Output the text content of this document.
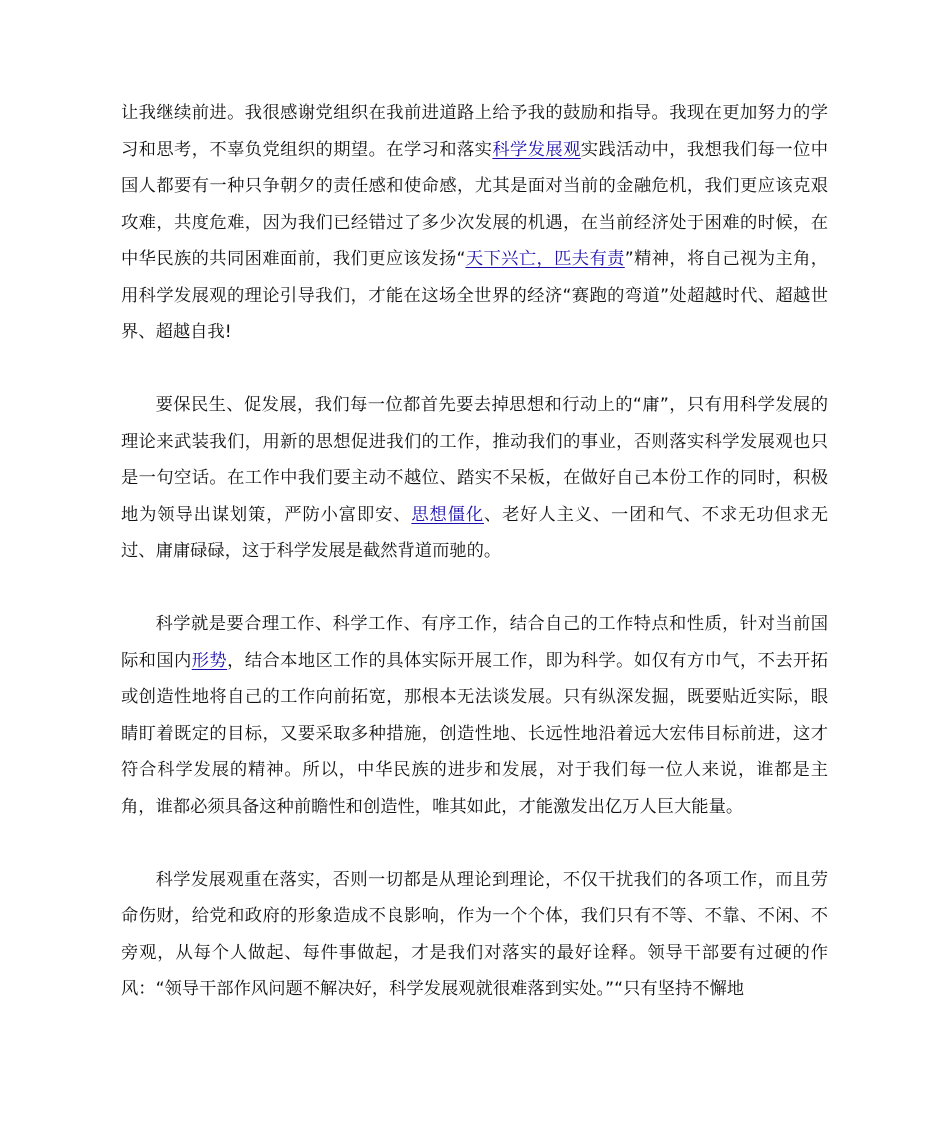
让我继续前进。我很感谢党组织在我前进道路上给予我的鼓励和指导。我现在更加努力的学习和思考，不辜负党组织的期望。在学习和落实科学发展观实践活动中，我想我们每一位中国人都要有一种只争朝夕的责任感和使命感，尤其是面对当前的金融危机，我们更应该克艰攻难，共度危难，因为我们已经错过了多少次发展的机遇，在当前经济处于困难的时候，在中华民族的共同困难面前，我们更应该发扬“天下兴亡，匹夫有责”精神，将自己视为主角，用科学发展观的理论引导我们，才能在这场全世界的经济“赛跑的弯道”处超越时代、超越世界、超越自我!

要保民生、促发展，我们每一位都首先要去掉思想和行动上的“庸”，只有用科学发展的理论来武装我们，用新的思想促进我们的工作，推动我们的事业，否则落实科学发展观也只是一句空话。在工作中我们要主动不越位、踏实不呆板，在做好自己本份工作的同时，积极地为领导出谋划策，严防小富即安、思想僵化、老好人主义、一团和气、不求无功但求无过、庸庸碌碌，这于科学发展是截然背道而驰的。

科学就是要合理工作、科学工作、有序工作，结合自己的工作特点和性质，针对当前国际和国内形势，结合本地区工作的具体实际开展工作，即为科学。如仅有方巾气，不去开拓或创造性地将自己的工作向前拓宽，那根本无法谈发展。只有纵深发掘，既要贴近实际，眼睛盯着既定的目标，又要采取多种措施，创造性地、长远性地沿着远大宏伟目标前进，这才符合科学发展的精神。所以，中华民族的进步和发展，对于我们每一位人来说，谁都是主角，谁都必须具备这种前瞻性和创造性，唯其如此，才能激发出亿万人巨大能量。

科学发展观重在落实，否则一切都是从理论到理论，不仅干扰我们的各项工作，而且劳命伤财，给党和政府的形象造成不良影响，作为一个个体，我们只有不等、不靠、不闲、不旁观，从每个人做起、每件事做起，才是我们对落实的最好诠释。领导干部要有过硬的作风：“领导干部作风问题不解决好，科学发展观就很难落到实处。”“只有坚持不懈地
